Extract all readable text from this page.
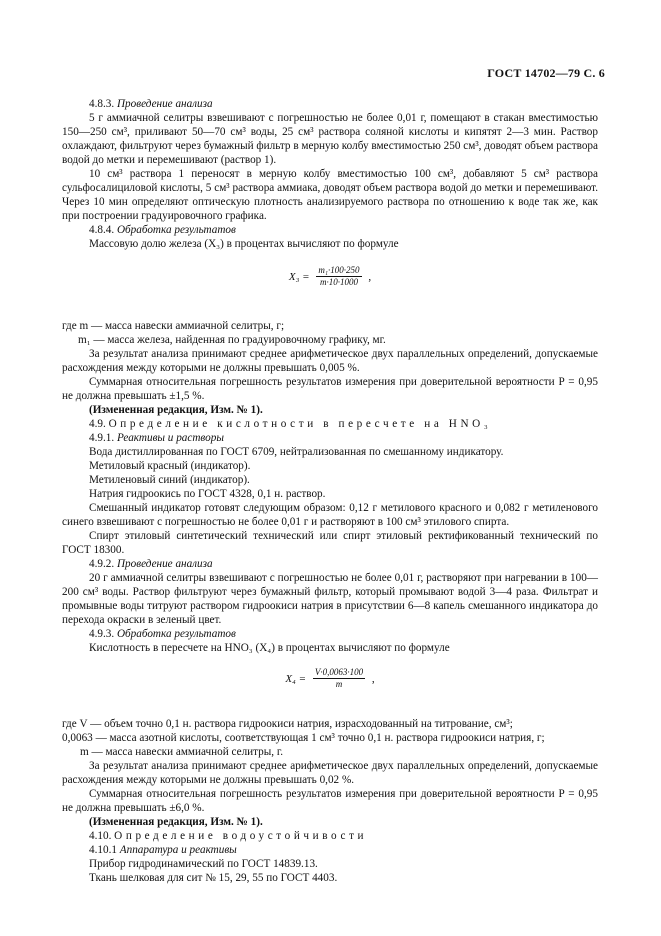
ГОСТ 14702—79 С. 6

4.8.3. Проведение анализа

5 г аммиачной селитры взвешивают с погрешностью не более 0,01 г, помещают в стакан вместимостью 150—250 см³, приливают 50—70 см³ воды, 25 см³ раствора соляной кислоты и кипятят 2—3 мин. Раствор охлаждают, фильтруют через бумажный фильтр в мерную колбу вместимостью 250 см³, доводят объем раствора водой до метки и перемешивают (раствор 1).

10 см³ раствора 1 переносят в мерную колбу вместимостью 100 см³, добавляют 5 см³ раствора сульфосалициловой кислоты, 5 см³ раствора аммиака, доводят объем раствора водой до метки и перемешивают. Через 10 мин определяют оптическую плотность анализируемого раствора по отношению к воде так же, как при построении градуировочного графика.

4.8.4. Обработка результатов

Массовую долю железа (X₃) в процентах вычисляют по формуле

X₃ = m₁·100·250
m·10·1000 ,

где m — масса навески аммиачной селитры, г;

m₁ — масса железа, найденная по градуировочному графику, мг.

За результат анализа принимают среднее арифметическое двух параллельных определений, допускаемые расхождения между которыми не должны превышать 0,005 %.

Суммарная относительная погрешность результатов измерения при доверительной вероятности P = 0,95 не должна превышать ±1,5 %.

(Измененная редакция, Изм. № 1).

4.9. Определение кислотности в пересчете на HNO₃

4.9.1. Реактивы и растворы

Вода дистиллированная по ГОСТ 6709, нейтрализованная по смешанному индикатору.

Метиловый красный (индикатор).

Метиленовый синий (индикатор).

Натрия гидроокись по ГОСТ 4328, 0,1 н. раствор.

Смешанный индикатор готовят следующим образом: 0,12 г метилового красного и 0,082 г метиленового синего взвешивают с погрешностью не более 0,01 г и растворяют в 100 см³ этилового спирта.

Спирт этиловый синтетический технический или спирт этиловый ректификованный технический по ГОСТ 18300.

4.9.2. Проведение анализа

20 г аммиачной селитры взвешивают с погрешностью не более 0,01 г, растворяют при нагревании в 100—200 см³ воды. Раствор фильтруют через бумажный фильтр, который промывают водой 3—4 раза. Фильтрат и промывные воды титруют раствором гидроокиси натрия в присутствии 6—8 капель смешанного индикатора до перехода окраски в зеленый цвет.

4.9.3. Обработка результатов

Кислотность в пересчете на HNO₃ (X₄) в процентах вычисляют по формуле

X₄ = V·0,0063·100
m	,

где V — объем точно 0,1 н. раствора гидроокиси натрия, израсходованный на титрование, см³;

0,0063 — масса азотной кислоты, соответствующая 1 см³ точно 0,1 н. раствора гидроокиси натрия, г;

m — масса навески аммиачной селитры, г.

За результат анализа принимают среднее арифметическое двух параллельных определений, допускаемые расхождения между которыми не должны превышать 0,02 %.

Суммарная относительная погрешность результатов измерения при доверительной вероятности P = 0,95 не должна превышать ±6,0 %.

(Измененная редакция, Изм. № 1).

4.10. Определение водоустойчивости

4.10.1 Аппаратура и реактивы

Прибор гидродинамический по ГОСТ 14839.13.

Ткань шелковая для сит № 15, 29, 55 по ГОСТ 4403.
